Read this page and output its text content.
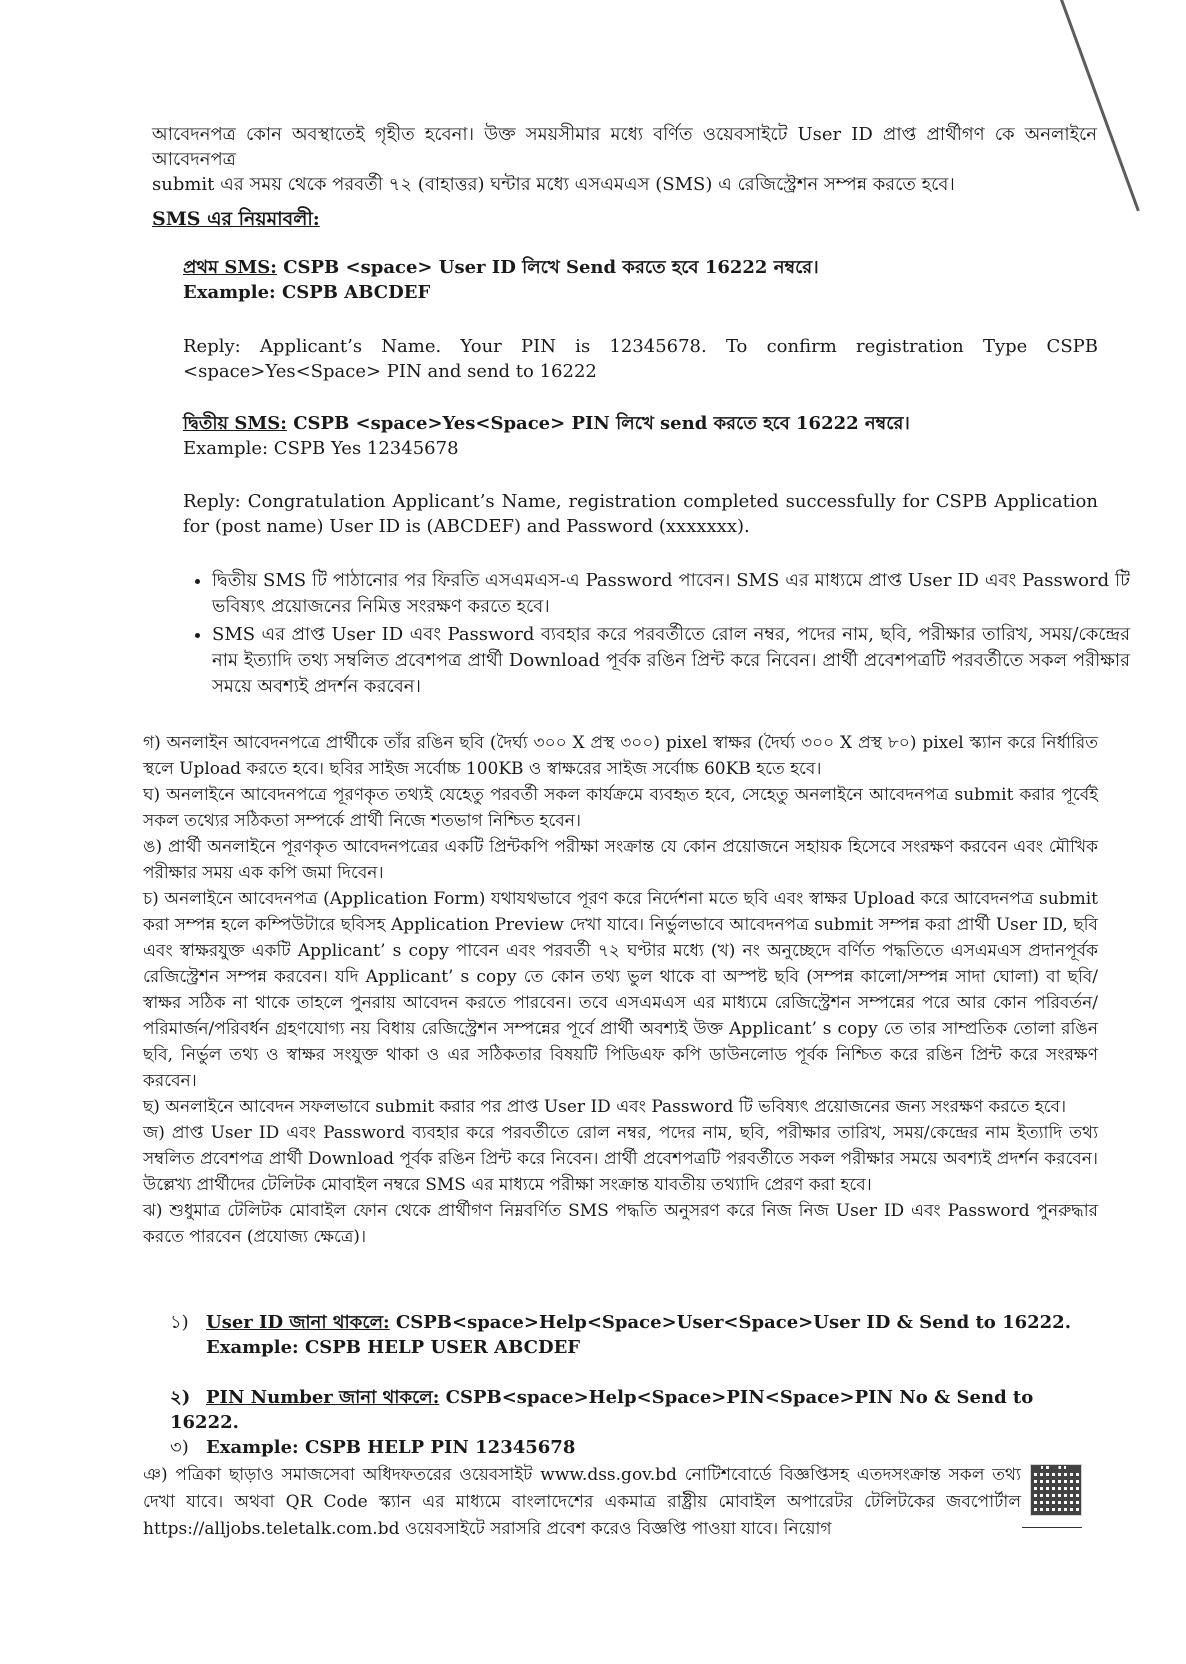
আবেদনপত্র কোন অবস্থাতেই গৃহীত হবেনা। উক্ত সময়সীমার মধ্যে বর্ণিত ওয়েবসাইটে User ID প্রাপ্ত প্রার্থীগণ কে অনলাইনে আবেদনপত্র
submit এর সময় থেকে পরবর্তী ৭২ (বাহাত্তর) ঘন্টার মধ্যে এসএমএস (SMS) এ রেজিস্ট্রেশন সম্পন্ন করতে হবে।
SMS এর নিয়মাবলী:
প্রথম SMS: CSPB <space> User ID লিখে Send করতে হবে 16222 নম্বরে।
Example: CSPB ABCDEF
Reply: Applicant’s Name. Your PIN is 12345678. To confirm registration Type CSPB <space>Yes<Space> PIN and send to 16222
দ্বিতীয় SMS: CSPB <space>Yes<Space> PIN লিখে send করতে হবে 16222 নম্বরে।
Example: CSPB Yes 12345678
Reply: Congratulation Applicant’s Name, registration completed successfully for CSPB Application for (post name) User ID is (ABCDEF) and Password (xxxxxxx).
• দ্বিতীয় SMS টি পাঠানোর পর ফিরতি এসএমএস-এ Password পাবেন। SMS এর মাধ্যমে প্রাপ্ত User ID এবং Password টি ভবিষ্যৎ প্রয়োজনের নিমিত্ত সংরক্ষণ করতে হবে।
• SMS এর প্রাপ্ত User ID এবং Password ব্যবহার করে পরবর্তীতে রোল নম্বর, পদের নাম, ছবি, পরীক্ষার তারিখ, সময়/কেন্দ্রের নাম ইত্যাদি তথ্য সম্বলিত প্রবেশপত্র প্রার্থী Download পূর্বক রঙিন প্রিন্ট করে নিবেন। প্রার্থী প্রবেশপত্রটি পরবর্তীতে সকল পরীক্ষার সময়ে অবশ্যই প্রদর্শন করবেন।
গ) অনলাইন আবেদনপত্রে প্রার্থীকে তাঁর রঙিন ছবি (দৈর্ঘ্য ৩০০ X প্রস্থ ৩০০) pixel স্বাক্ষর (দৈর্ঘ্য ৩০০ X প্রস্থ ৮০) pixel স্ক্যান করে নির্ধারিত স্থলে Upload করতে হবে। ছবির সাইজ সর্বোচ্চ 100KB ও স্বাক্ষরের সাইজ সর্বোচ্চ 60KB হতে হবে।
ঘ) অনলাইনে আবেদনপত্রে পূরণকৃত তথ্যই যেহেতু পরবর্তী সকল কার্যক্রমে ব্যবহৃত হবে, সেহেতু অনলাইনে আবেদনপত্র submit করার পূর্বেই সকল তথ্যের সঠিকতা সম্পর্কে প্রার্থী নিজে শতভাগ নিশ্চিত হবেন।
ঙ) প্রার্থী অনলাইনে পূরণকৃত আবেদনপত্রের একটি প্রিন্টকপি পরীক্ষা সংক্রান্ত যে কোন প্রয়োজনে সহায়ক হিসেবে সংরক্ষণ করবেন এবং মৌখিক পরীক্ষার সময় এক কপি জমা দিবেন।
চ) অনলাইনে আবেদনপত্র (Application Form) যথাযথভাবে পূরণ করে নির্দেশনা মতে ছবি এবং স্বাক্ষর Upload করে আবেদনপত্র submit করা সম্পন্ন হলে কম্পিউটারে ছবিসহ Application Preview দেখা যাবে। নির্ভুলভাবে আবেদনপত্র submit সম্পন্ন করা প্রার্থী User ID, ছবি এবং স্বাক্ষরযুক্ত একটি Applicant’ s copy পাবেন এবং পরবর্তী ৭২ ঘণ্টার মধ্যে (খ) নং অনুচ্ছেদে বর্ণিত পদ্ধতিতে এসএমএস প্রদানপূর্বক রেজিস্ট্রেশন সম্পন্ন করবেন। যদি Applicant’ s copy তে কোন তথ্য ভুল থাকে বা অস্পষ্ট ছবি (সম্পন্ন কালো/সম্পন্ন সাদা ঘোলা) বা ছবি/স্বাক্ষর সঠিক না থাকে তাহলে পুনরায় আবেদন করতে পারবেন। তবে এসএমএস এর মাধ্যমে রেজিস্ট্রেশন সম্পন্নের পরে আর কোন পরিবর্তন/পরিমার্জন/পরিবর্ধন গ্রহণযোগ্য নয় বিধায় রেজিস্ট্রেশন সম্পন্নের পূর্বে প্রার্থী অবশ্যই উক্ত Applicant’ s copy তে তার সাম্প্রতিক তোলা রঙিন ছবি, নির্ভুল তথ্য ও স্বাক্ষর সংযুক্ত থাকা ও এর সঠিকতার বিষয়টি পিডিএফ কপি ডাউনলোড পূর্বক নিশ্চিত করে রঙিন প্রিন্ট করে সংরক্ষণ করবেন।
ছ) অনলাইনে আবেদন সফলভাবে submit করার পর প্রাপ্ত User ID এবং Password টি ভবিষ্যৎ প্রয়োজনের জন্য সংরক্ষণ করতে হবে।
জ) প্রাপ্ত User ID এবং Password ব্যবহার করে পরবর্তীতে রোল নম্বর, পদের নাম, ছবি, পরীক্ষার তারিখ, সময়/কেন্দ্রের নাম ইত্যাদি তথ্য সম্বলিত প্রবেশপত্র প্রার্থী Download পূর্বক রঙিন প্রিন্ট করে নিবেন। প্রার্থী প্রবেশপত্রটি পরবর্তীতে সকল পরীক্ষার সময়ে অবশ্যই প্রদর্শন করবেন। উল্লেখ্য প্রার্থীদের টেলিটক মোবাইল নম্বরে SMS এর মাধ্যমে পরীক্ষা সংক্রান্ত যাবতীয় তথ্যাদি প্রেরণ করা হবে।
ঝ) শুধুমাত্র টেলিটক মোবাইল ফোন থেকে প্রার্থীগণ নিম্নবর্ণিত SMS পদ্ধতি অনুসরণ করে নিজ নিজ User ID এবং Password পুনরুদ্ধার করতে পারবেন (প্রযোজ্য ক্ষেত্রে)।
১) User ID জানা থাকলে: CSPB<space>Help<Space>User<Space>User ID & Send to 16222.
Example: CSPB HELP USER ABCDEF
২) PIN Number জানা থাকলে: CSPB<space>Help<Space>PIN<Space>PIN No & Send to 16222.
৩) Example: CSPB HELP PIN 12345678
ঞ) পত্রিকা ছাড়াও সমাজসেবা অধিদফতরের ওয়েবসাইট www.dss.gov.bd নোটিশবোর্ডে বিজ্ঞপ্তিসহ এতদসংক্রান্ত সকল তথ্য দেখা যাবে। অথবা QR Code স্ক্যান এর মাধ্যমে বাংলাদেশের একমাত্র রাষ্ট্রীয় মোবাইল অপারেটর টেলিটকের জবপোর্টাল https://alljobs.teletalk.com.bd ওয়েবসাইটে সরাসরি প্রবেশ করেও বিজ্ঞপ্তি পাওয়া যাবে। নিয়োগ
